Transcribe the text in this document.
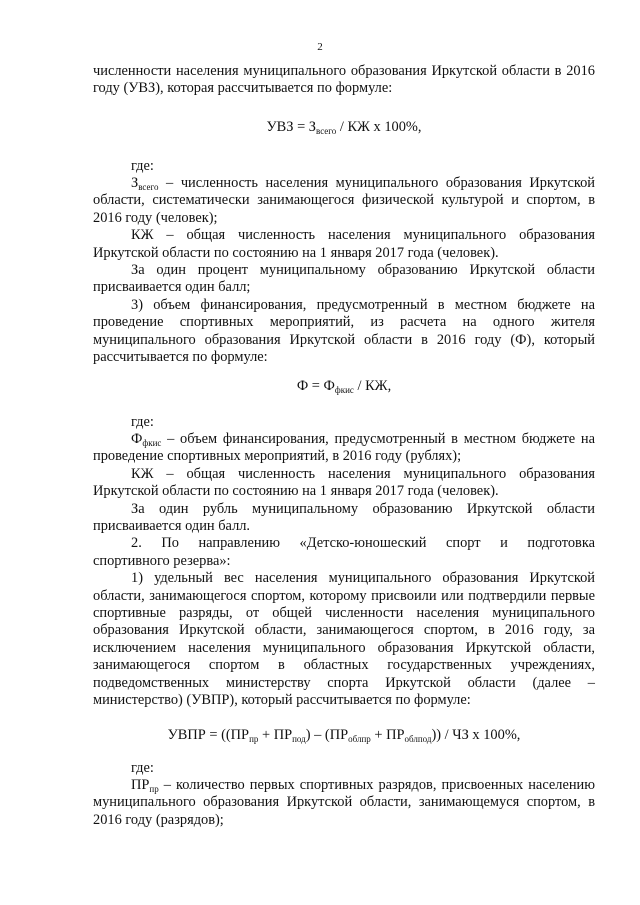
2

численности населения муниципального образования Иркутской области в 2016 году (УВЗ), которая рассчитывается по формуле:

УВЗ = $З_{всего}$ / КЖ х 100%,
где:

$З_{всего}$ – численность населения муниципального образования Иркутской области, систематически занимающегося физической культурой и спортом, в 2016 году (человек);

КЖ – общая численность населения муниципального образования Иркутской области по состоянию на 1 января 2017 года (человек).

За один процент муниципальному образованию Иркутской области присваивается один балл;

3) объем финансирования, предусмотренный в местном бюджете на проведение спортивных мероприятий, из расчета на одного жителя муниципального образования Иркутской области в 2016 году (Ф), который рассчитывается по формуле:

$Ф = Ф_{фкис}$ / КЖ,
где:

$Ф_{фкис}$ – объем финансирования, предусмотренный в местном бюджете на проведение спортивных мероприятий, в 2016 году (рублях);

КЖ – общая численность населения муниципального образования Иркутской области по состоянию на 1 января 2017 года (человек).

За один рубль муниципальному образованию Иркутской области присваивается один балл.

2. По направлению «Детско-юношеский спорт и подготовка

спортивного резерва»:

1) удельный вес населения муниципального образования Иркутской области, занимающегося спортом, которому присвоили или подтвердили первые спортивные разряды, от общей численности населения муниципального образования Иркутской области, занимающегося спортом, в 2016 году, за исключением населения муниципального образования Иркутской области, занимающегося спортом в областных государственных учреждениях, подведомственных министерству спорта Иркутской области (далее – министерство) (УВПР), который рассчитывается по формуле:

УВПР = $((ПР_{пр} + ПР_{под}) - (ПР_{облпр} + ПР_{облпод}))$ / ЧЗ х 100%,
где:

$ПР_{пр}$ – количество первых спортивных разрядов, присвоенных населению муниципального образования Иркутской области, занимающемуся спортом, в 2016 году (разрядов);
